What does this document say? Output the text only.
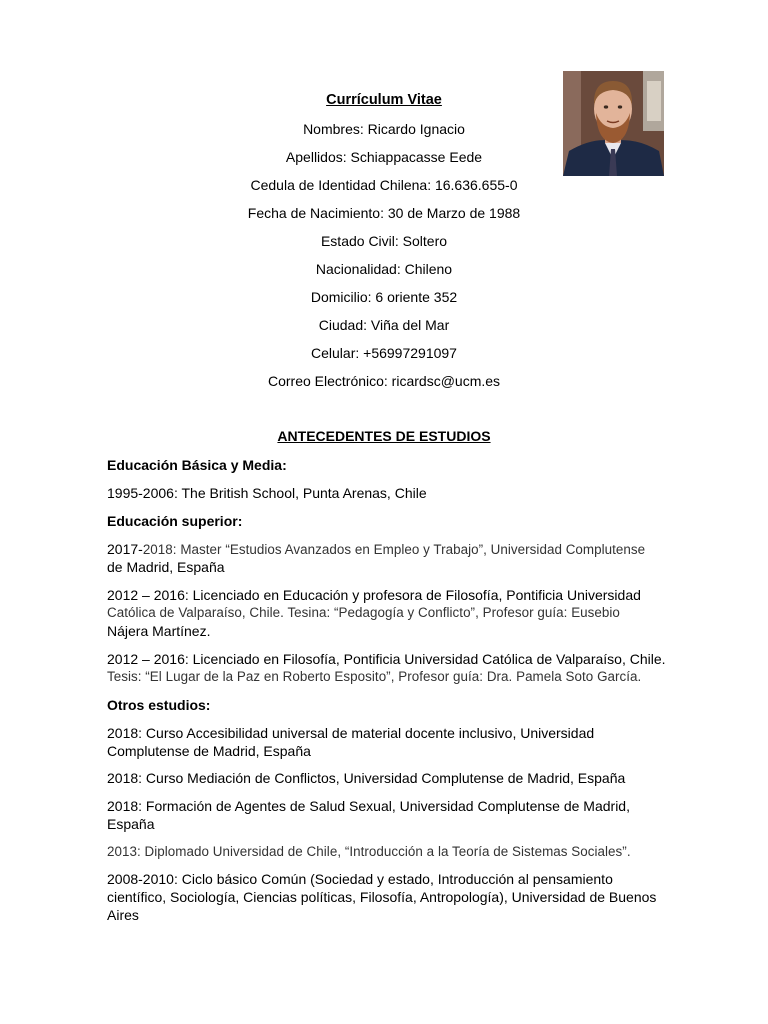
Currículum Vitae
Nombres: Ricardo Ignacio
Apellidos: Schiappacasse Eede
Cedula de Identidad Chilena: 16.636.655-0
Fecha de Nacimiento: 30 de Marzo de 1988
Estado Civil: Soltero
Nacionalidad: Chileno
Domicilio: 6 oriente 352
Ciudad: Viña del Mar
Celular: +56997291097
Correo Electrónico: ricardsc@ucm.es
ANTECEDENTES DE ESTUDIOS
Educación Básica y Media:
1995-2006: The British School, Punta Arenas, Chile
Educación superior:
2017-2018: Master “Estudios Avanzados en Empleo y Trabajo”, Universidad Complutense
de Madrid, España
2012 – 2016: Licenciado en Educación y profesora de Filosofía, Pontificia Universidad
Católica de Valparaíso, Chile. Tesina: “Pedagogía y Conflicto”, Profesor guía: Eusebio
Nájera Martínez.
2012 – 2016: Licenciado en Filosofía, Pontificia Universidad Católica de Valparaíso, Chile.
Tesis: “El Lugar de la Paz en Roberto Esposito”, Profesor guía: Dra. Pamela Soto García.
Otros estudios:
2018: Curso Accesibilidad universal de material docente inclusivo, Universidad
Complutense de Madrid, España
2018: Curso Mediación de Conflictos, Universidad Complutense de Madrid, España
2018: Formación de Agentes de Salud Sexual, Universidad Complutense de Madrid,
España
2013: Diplomado Universidad de Chile, “Introducción a la Teoría de Sistemas Sociales”.
2008-2010: Ciclo básico Común (Sociedad y estado, Introducción al pensamiento
científico, Sociología, Ciencias políticas, Filosofía, Antropología), Universidad de Buenos
Aires
